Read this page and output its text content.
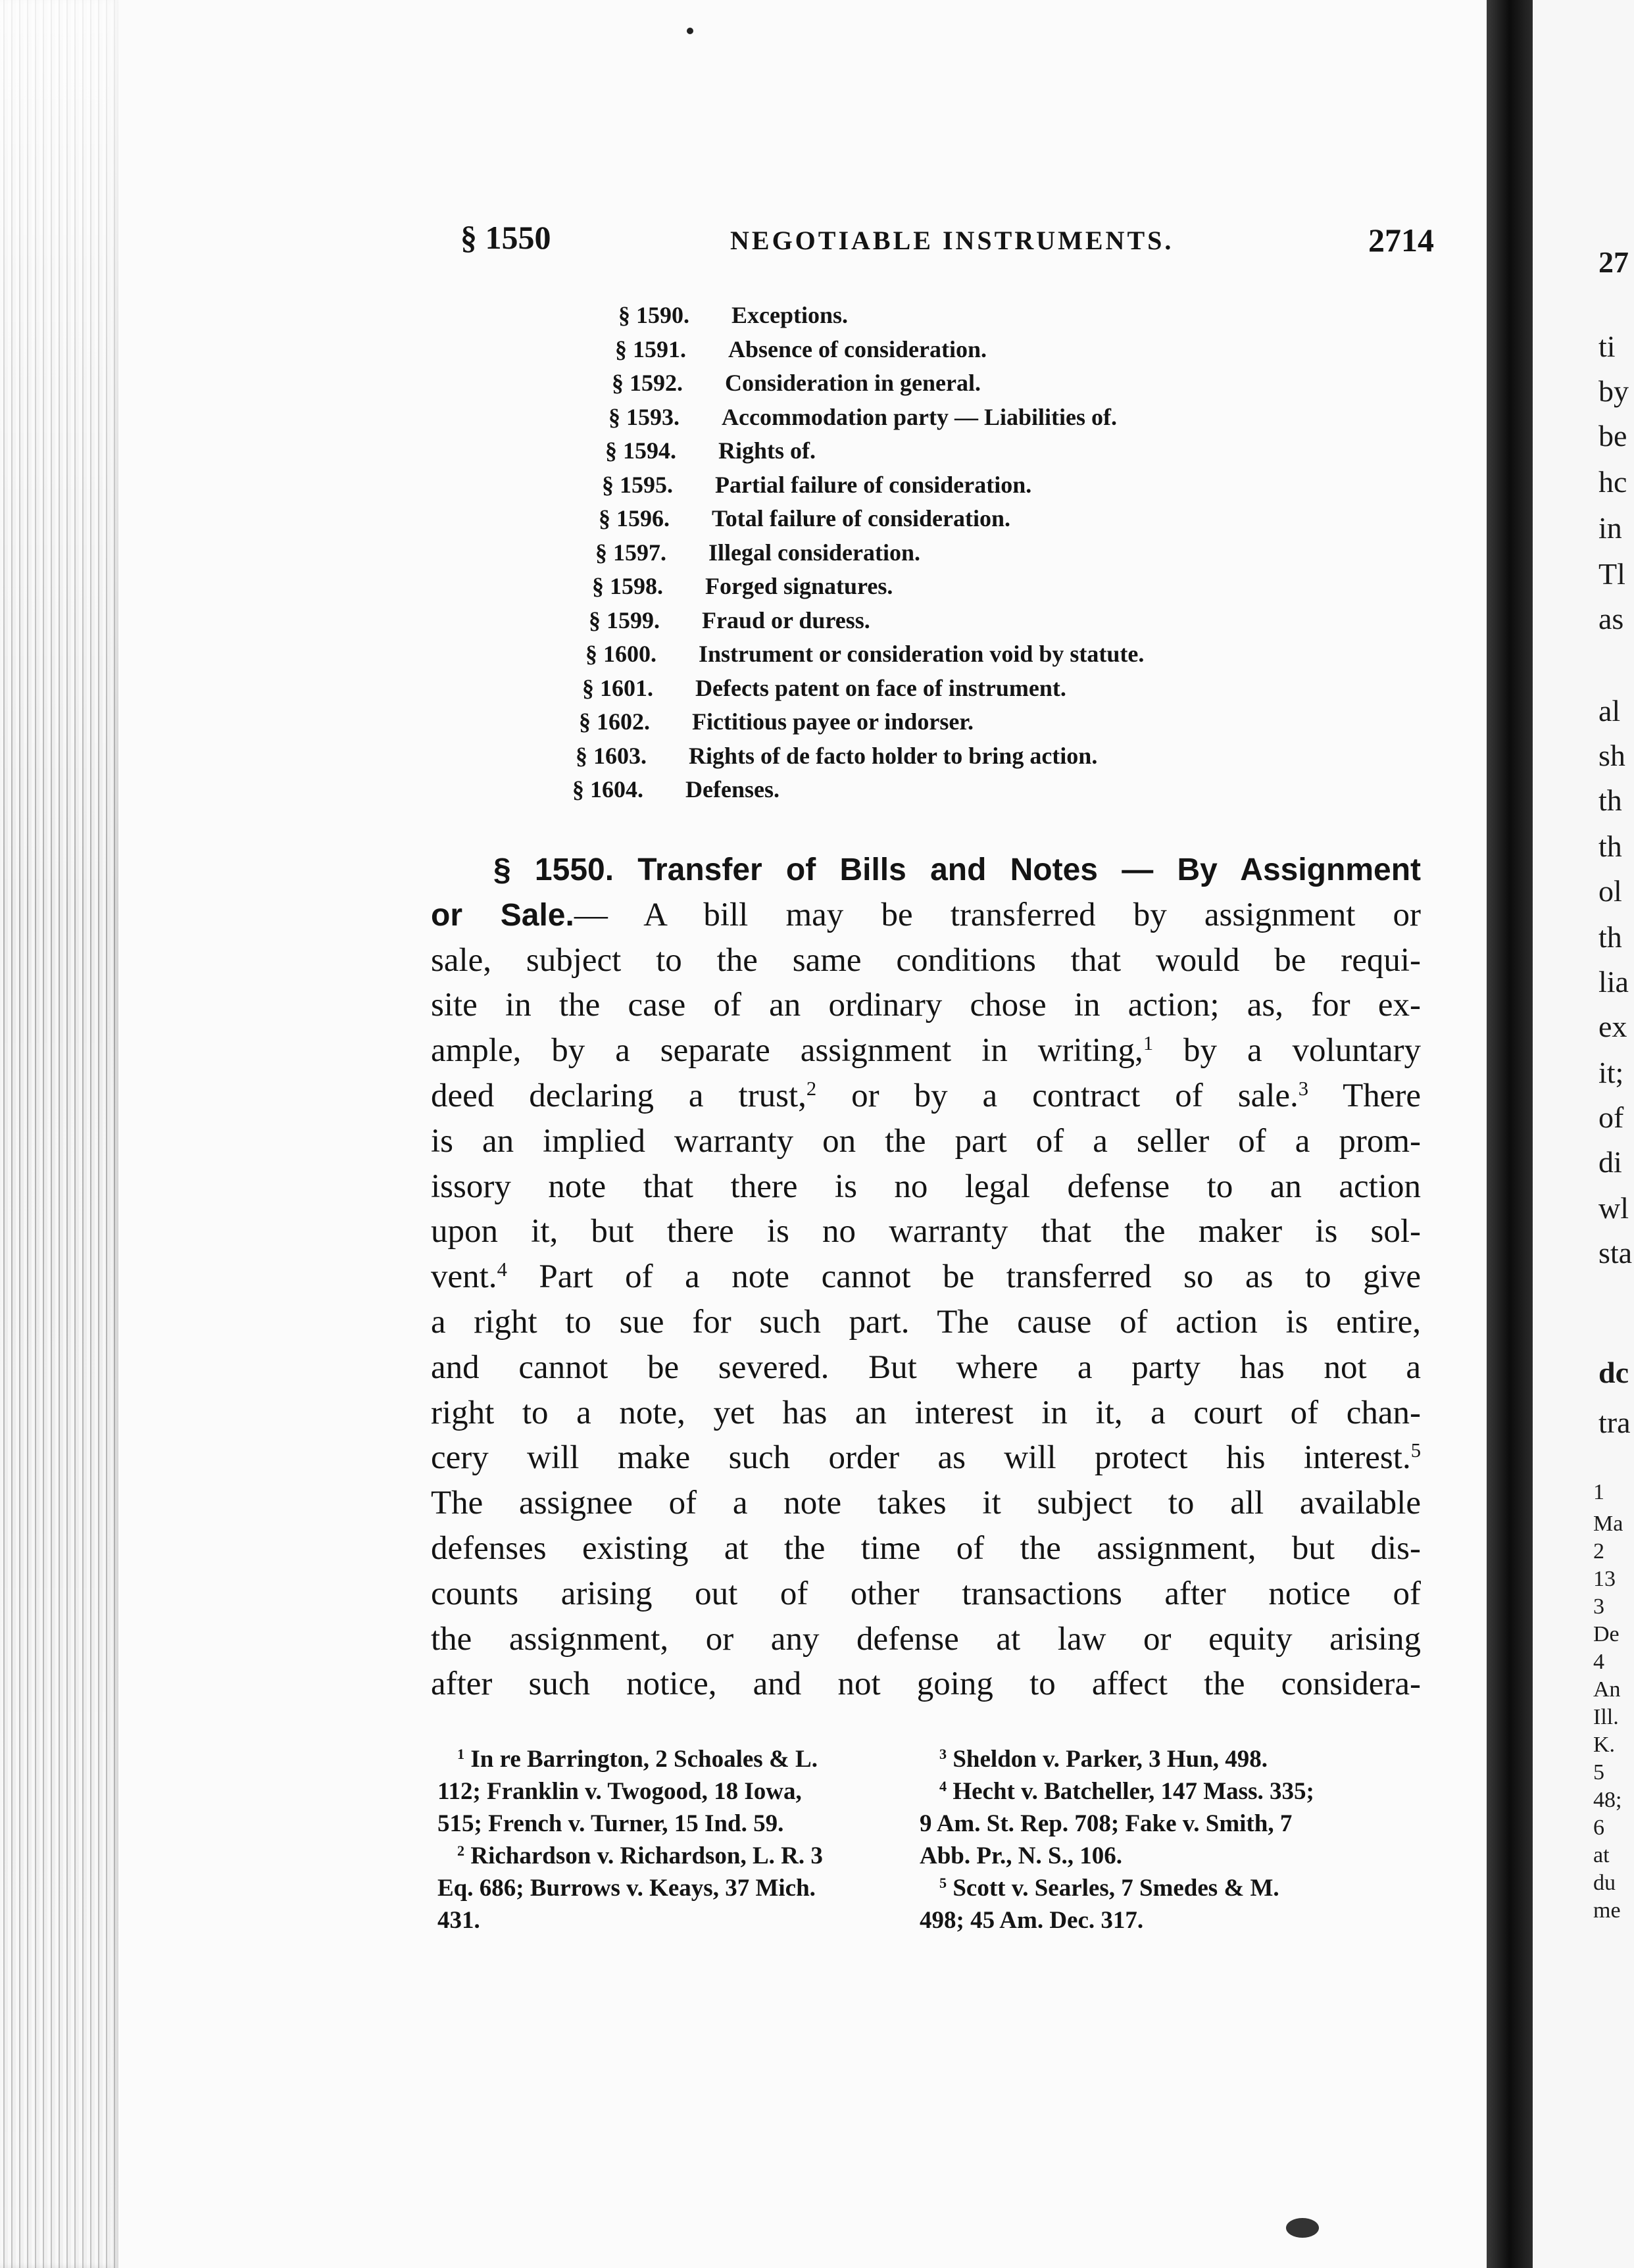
§ 1550	NEGOTIABLE INSTRUMENTS.	2714
§ 1590. Exceptions.
§ 1591. Absence of consideration.
§ 1592. Consideration in general.
§ 1593. Accommodation party — Liabilities of.
§ 1594. Rights of.
§ 1595. Partial failure of consideration.
§ 1596. Total failure of consideration.
§ 1597. Illegal consideration.
§ 1598. Forged signatures.
§ 1599. Fraud or duress.
§ 1600. Instrument or consideration void by statute.
§ 1601. Defects patent on face of instrument.
§ 1602. Fictitious payee or indorser.
§ 1603. Rights of de facto holder to bring action.
§ 1604. Defenses.
§ 1550. Transfer of Bills and Notes — By Assignment
or Sale.— A bill may be transferred by assignment or
sale, subject to the same conditions that would be requi-
site in the case of an ordinary chose in action; as, for ex-
ample, by a separate assignment in writing,$^1$ by a voluntary
deed declaring a trust,$^2$ or by a contract of sale.$^3$ There
is an implied warranty on the part of a seller of a prom-
issory note that there is no legal defense to an action
upon it, but there is no warranty that the maker is sol-
vent.$^4$ Part of a note cannot be transferred so as to give
a right to sue for such part. The cause of action is entire,
and cannot be severed. But where a party has not a
right to a note, yet has an interest in it, a court of chan-
cery will make such order as will protect his interest.$^5$
The assignee of a note takes it subject to all available
defenses existing at the time of the assignment, but dis-
counts arising out of other transactions after notice of
the assignment, or any defense at law or equity arising
after such notice, and not going to affect the considera-
$^1$ In re Barrington, 2 Schoales & L.
112; Franklin v. Twogood, 18 Iowa,
515; French v. Turner, 15 Ind. 59.
$^2$ Richardson v. Richardson, L. R. 3
Eq. 686; Burrows v. Keays, 37 Mich.
431.
$^3$ Sheldon v. Parker, 3 Hun, 498.
$^4$ Hecht v. Batcheller, 147 Mass. 335;
9 Am. St. Rep. 708; Fake v. Smith, 7
Abb. Pr., N. S., 106.
$^5$ Scott v. Searles, 7 Smedes & M.
498; 45 Am. Dec. 317.
27
ti
by
be
hc
in
Tl
as
al
sh
th
th
ol
th
lia
ex
it;
of
di
wl
sta
dc
tra
1
Ma
2
13
3
De
4
An
Ill.
K.
5
48;
6
at
du
me
